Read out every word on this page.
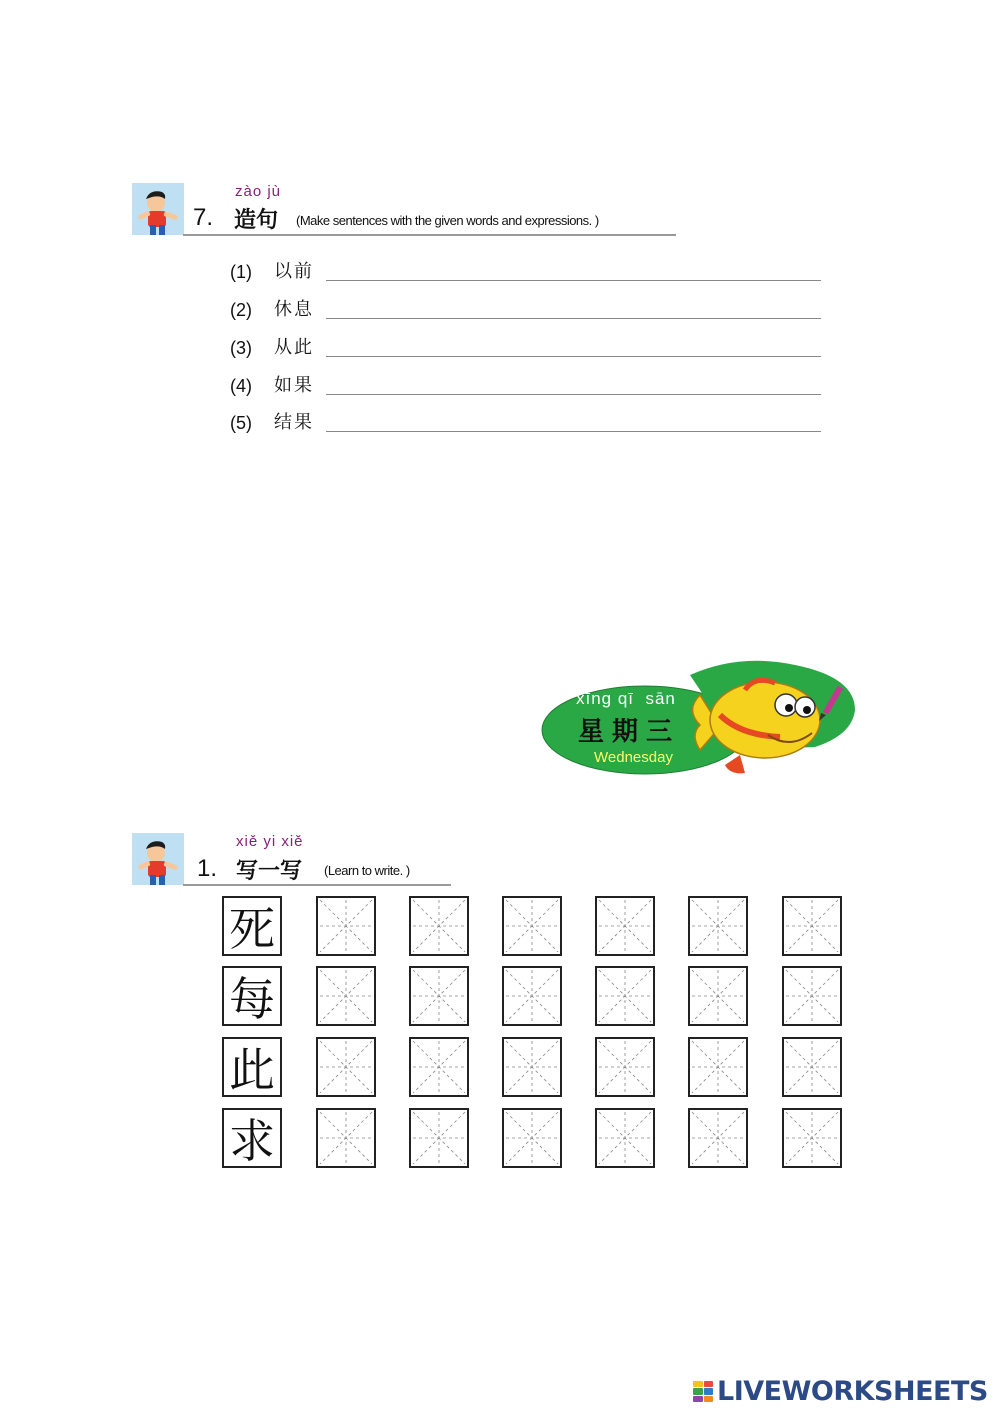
zào jù
7. 造句 (Make sentences with the given words and expressions. )
(1)	以前
(2)	休息
(3)	从此
(4)	如果
(5)	结果
xīng qī  sān
星期三
Wednesday
xiě yi xiě
1. 写一写 (Learn to write. )
死
每
此
求
LIVEWORKSHEETS
